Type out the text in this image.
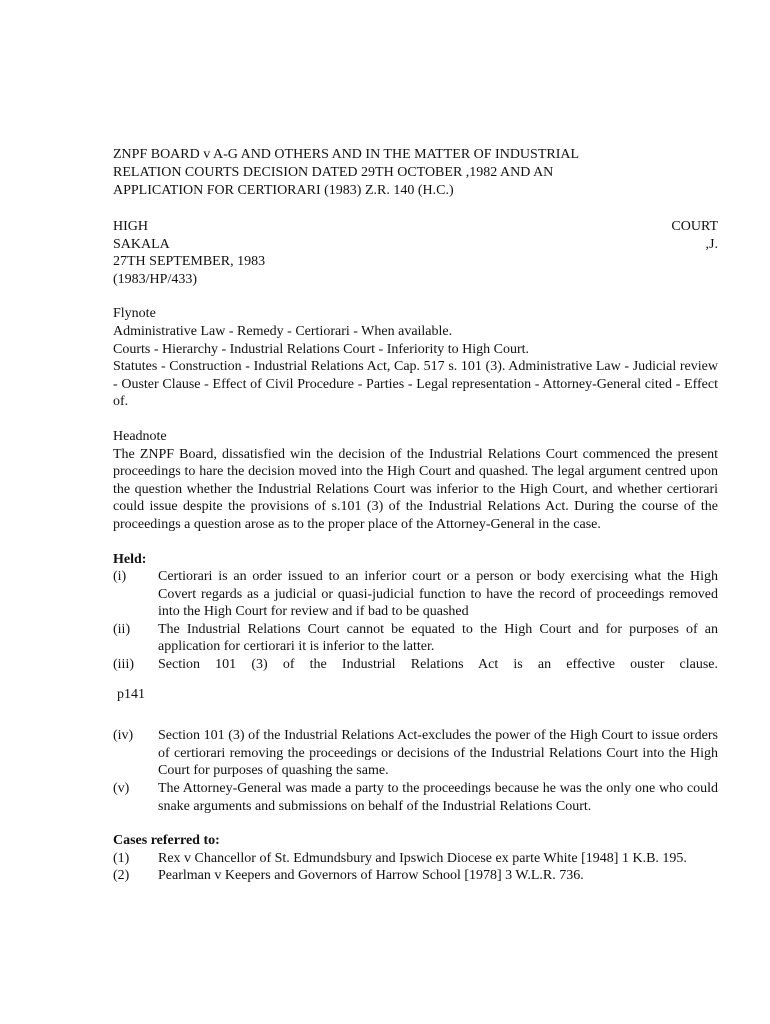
ZNPF BOARD v A-G AND OTHERS AND IN THE MATTER OF INDUSTRIAL RELATION COURTS DECISION DATED 29TH OCTOBER ,1982 AND AN APPLICATION FOR CERTIORARI (1983) Z.R. 140 (H.C.)
HIGH	COURT
SAKALA	,J.
27TH SEPTEMBER, 1983
(1983/HP/433)
Flynote
Administrative Law - Remedy - Certiorari - When available.
Courts - Hierarchy - Industrial Relations Court - Inferiority to High Court.
Statutes - Construction - Industrial Relations Act, Cap. 517 s. 101 (3). Administrative Law - Judicial review - Ouster Clause - Effect of Civil Procedure - Parties - Legal representation - Attorney-General cited - Effect of.
Headnote
The ZNPF Board, dissatisfied win the decision of the Industrial Relations Court commenced the present proceedings to hare the decision moved into the High Court and quashed. The legal argument centred upon the question whether the Industrial Relations Court was inferior to the High Court, and whether certiorari could issue despite the provisions of s.101 (3) of the Industrial Relations Act. During the course of the proceedings a question arose as to the proper place of the Attorney-General in the case.
Held:
(i)	Certiorari is an order issued to an inferior court or a person or body exercising what the High Covert regards as a judicial or quasi-judicial function to have the record of proceedings removed into the High Court for review and if bad to be quashed
(ii)	The Industrial Relations Court cannot be equated to the High Court and for purposes of an application for certiorari it is inferior to the latter.
(iii)	Section 101 (3) of the Industrial Relations Act is an effective ouster clause.
p141
(iv)	Section 101 (3) of the Industrial Relations Act-excludes the power of the High Court to issue orders of certiorari removing the proceedings or decisions of the Industrial Relations Court into the High Court for purposes of quashing the same.
(v)	The Attorney-General was made a party to the proceedings because he was the only one who could snake arguments and submissions on behalf of the Industrial Relations Court.
Cases referred to:
(1)	Rex v Chancellor of St. Edmundsbury and Ipswich Diocese ex parte White [1948] 1 K.B. 195.
(2)	Pearlman v Keepers and Governors of Harrow School [1978] 3 W.L.R. 736.
